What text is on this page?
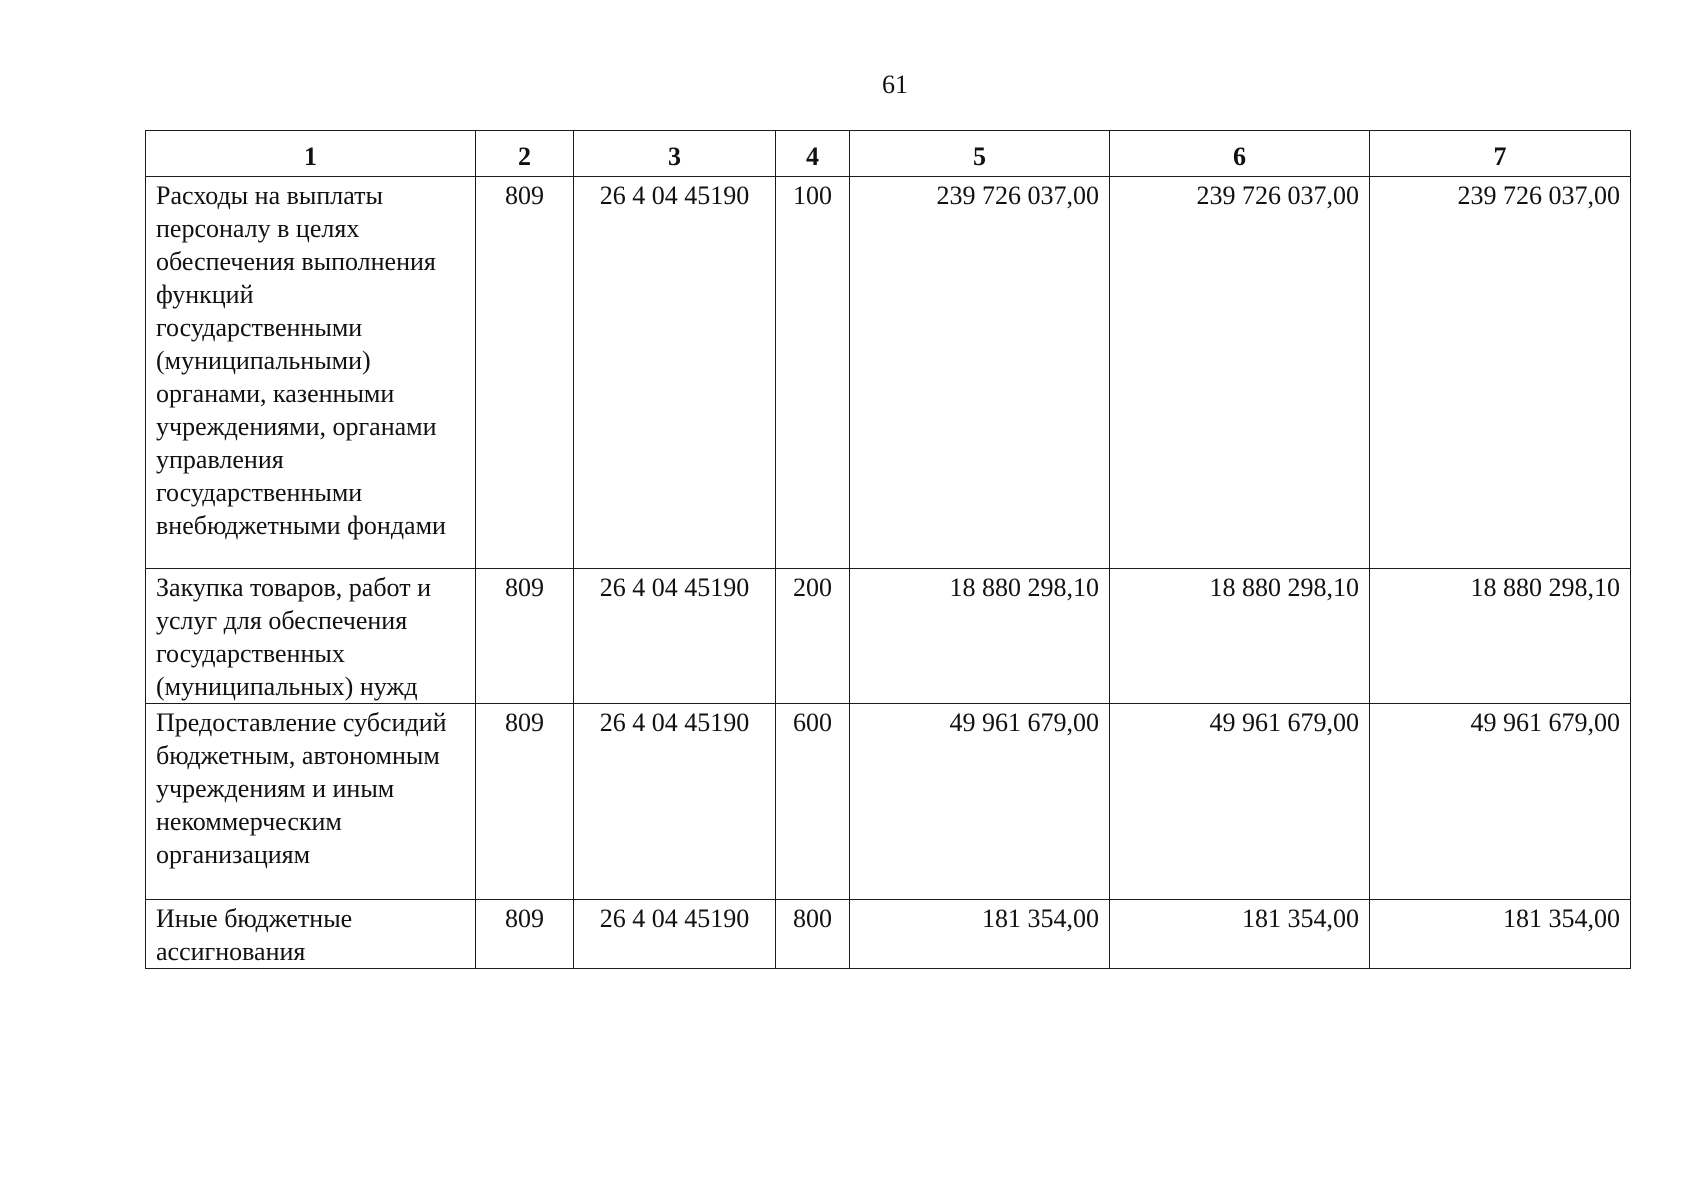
61
1	2	3	4	5	6	7
Расходы на выплаты персоналу в целях обеспечения выполнения функций государственными (муниципальными) органами, казенными учреждениями, органами управления государственными внебюджетными фондами	809	26 4 04 45190	100	239 726 037,00	239 726 037,00	239 726 037,00
Закупка товаров, работ и услуг для обеспечения государственных (муниципальных) нужд	809	26 4 04 45190	200	18 880 298,10	18 880 298,10	18 880 298,10
Предоставление субсидий бюджетным, автономным учреждениям и иным некоммерческим организациям	809	26 4 04 45190	600	49 961 679,00	49 961 679,00	49 961 679,00
Иные бюджетные ассигнования	809	26 4 04 45190	800	181 354,00	181 354,00	181 354,00
